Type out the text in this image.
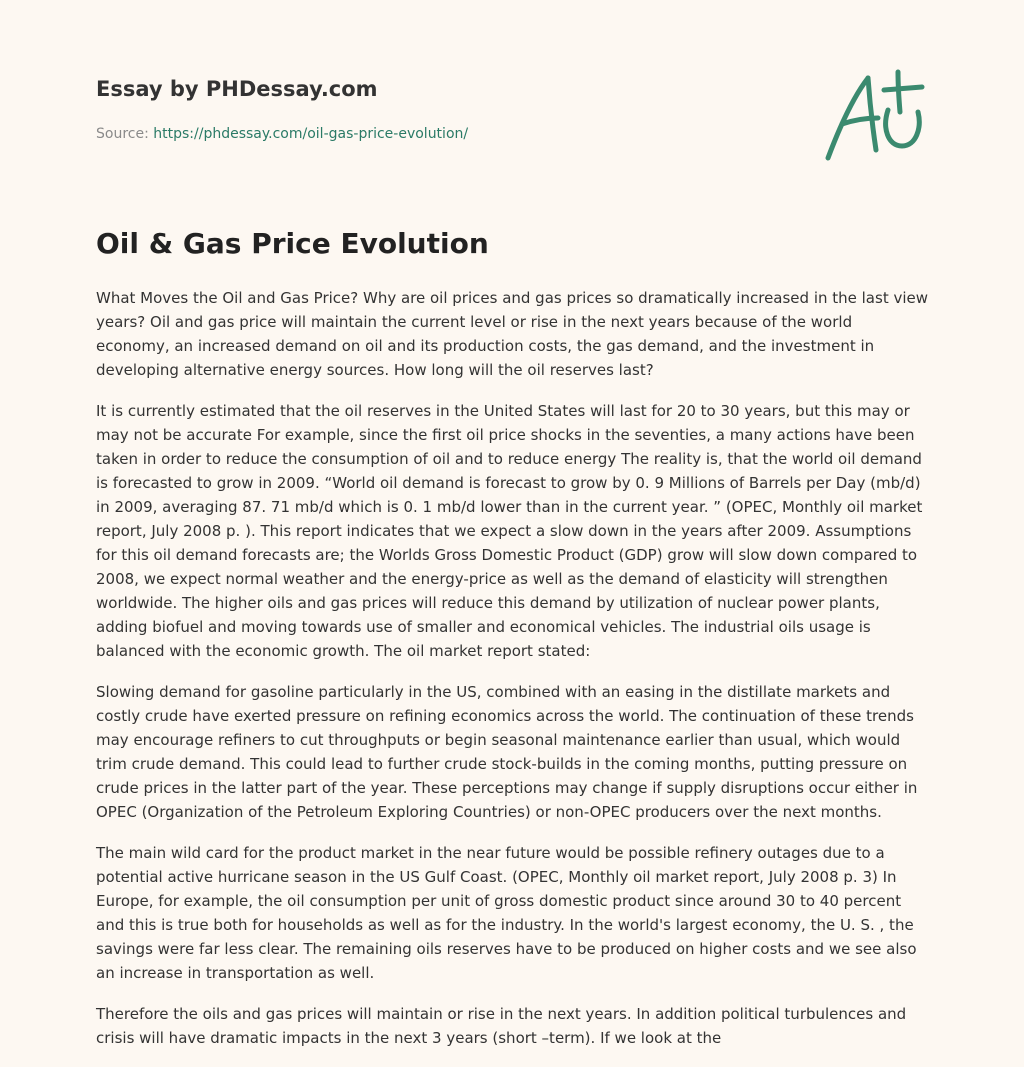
Essay by PHDessay.com
Source: https://phdessay.com/oil-gas-price-evolution/
Oil & Gas Price Evolution

What Moves the Oil and Gas Price? Why are oil prices and gas prices so dramatically increased in the last view years? Oil and gas price will maintain the current level or rise in the next years because of the world economy, an increased demand on oil and its production costs, the gas demand, and the investment in developing alternative energy sources. How long will the oil reserves last?

It is currently estimated that the oil reserves in the United States will last for 20 to 30 years, but this may or may not be accurate For example, since the first oil price shocks in the seventies, a many actions have been taken in order to reduce the consumption of oil and to reduce energy The reality is, that the world oil demand is forecasted to grow in 2009. “World oil demand is forecast to grow by 0. 9 Millions of Barrels per Day (mb/d) in 2009, averaging 87. 71 mb/d which is 0. 1 mb/d lower than in the current year. ” (OPEC, Monthly oil market report, July 2008 p. ). This report indicates that we expect a slow down in the years after 2009. Assumptions for this oil demand forecasts are; the Worlds Gross Domestic Product (GDP) grow will slow down compared to 2008, we expect normal weather and the energy-price as well as the demand of elasticity will strengthen worldwide. The higher oils and gas prices will reduce this demand by utilization of nuclear power plants, adding biofuel and moving towards use of smaller and economical vehicles. The industrial oils usage is balanced with the economic growth. The oil market report stated:

Slowing demand for gasoline particularly in the US, combined with an easing in the distillate markets and costly crude have exerted pressure on refining economics across the world. The continuation of these trends may encourage refiners to cut throughputs or begin seasonal maintenance earlier than usual, which would trim crude demand. This could lead to further crude stock-builds in the coming months, putting pressure on crude prices in the latter part of the year. These perceptions may change if supply disruptions occur either in OPEC (Organization of the Petroleum Exploring Countries) or non-OPEC producers over the next months.

The main wild card for the product market in the near future would be possible refinery outages due to a potential active hurricane season in the US Gulf Coast. (OPEC, Monthly oil market report, July 2008 p. 3) In Europe, for example, the oil consumption per unit of gross domestic product since around 30 to 40 percent and this is true both for households as well as for the industry. In the world's largest economy, the U. S. , the savings were far less clear. The remaining oils reserves have to be produced on higher costs and we see also an increase in transportation as well.

Therefore the oils and gas prices will maintain or rise in the next years. In addition political turbulences and crisis will have dramatic impacts in the next 3 years (short –term). If we look at the
